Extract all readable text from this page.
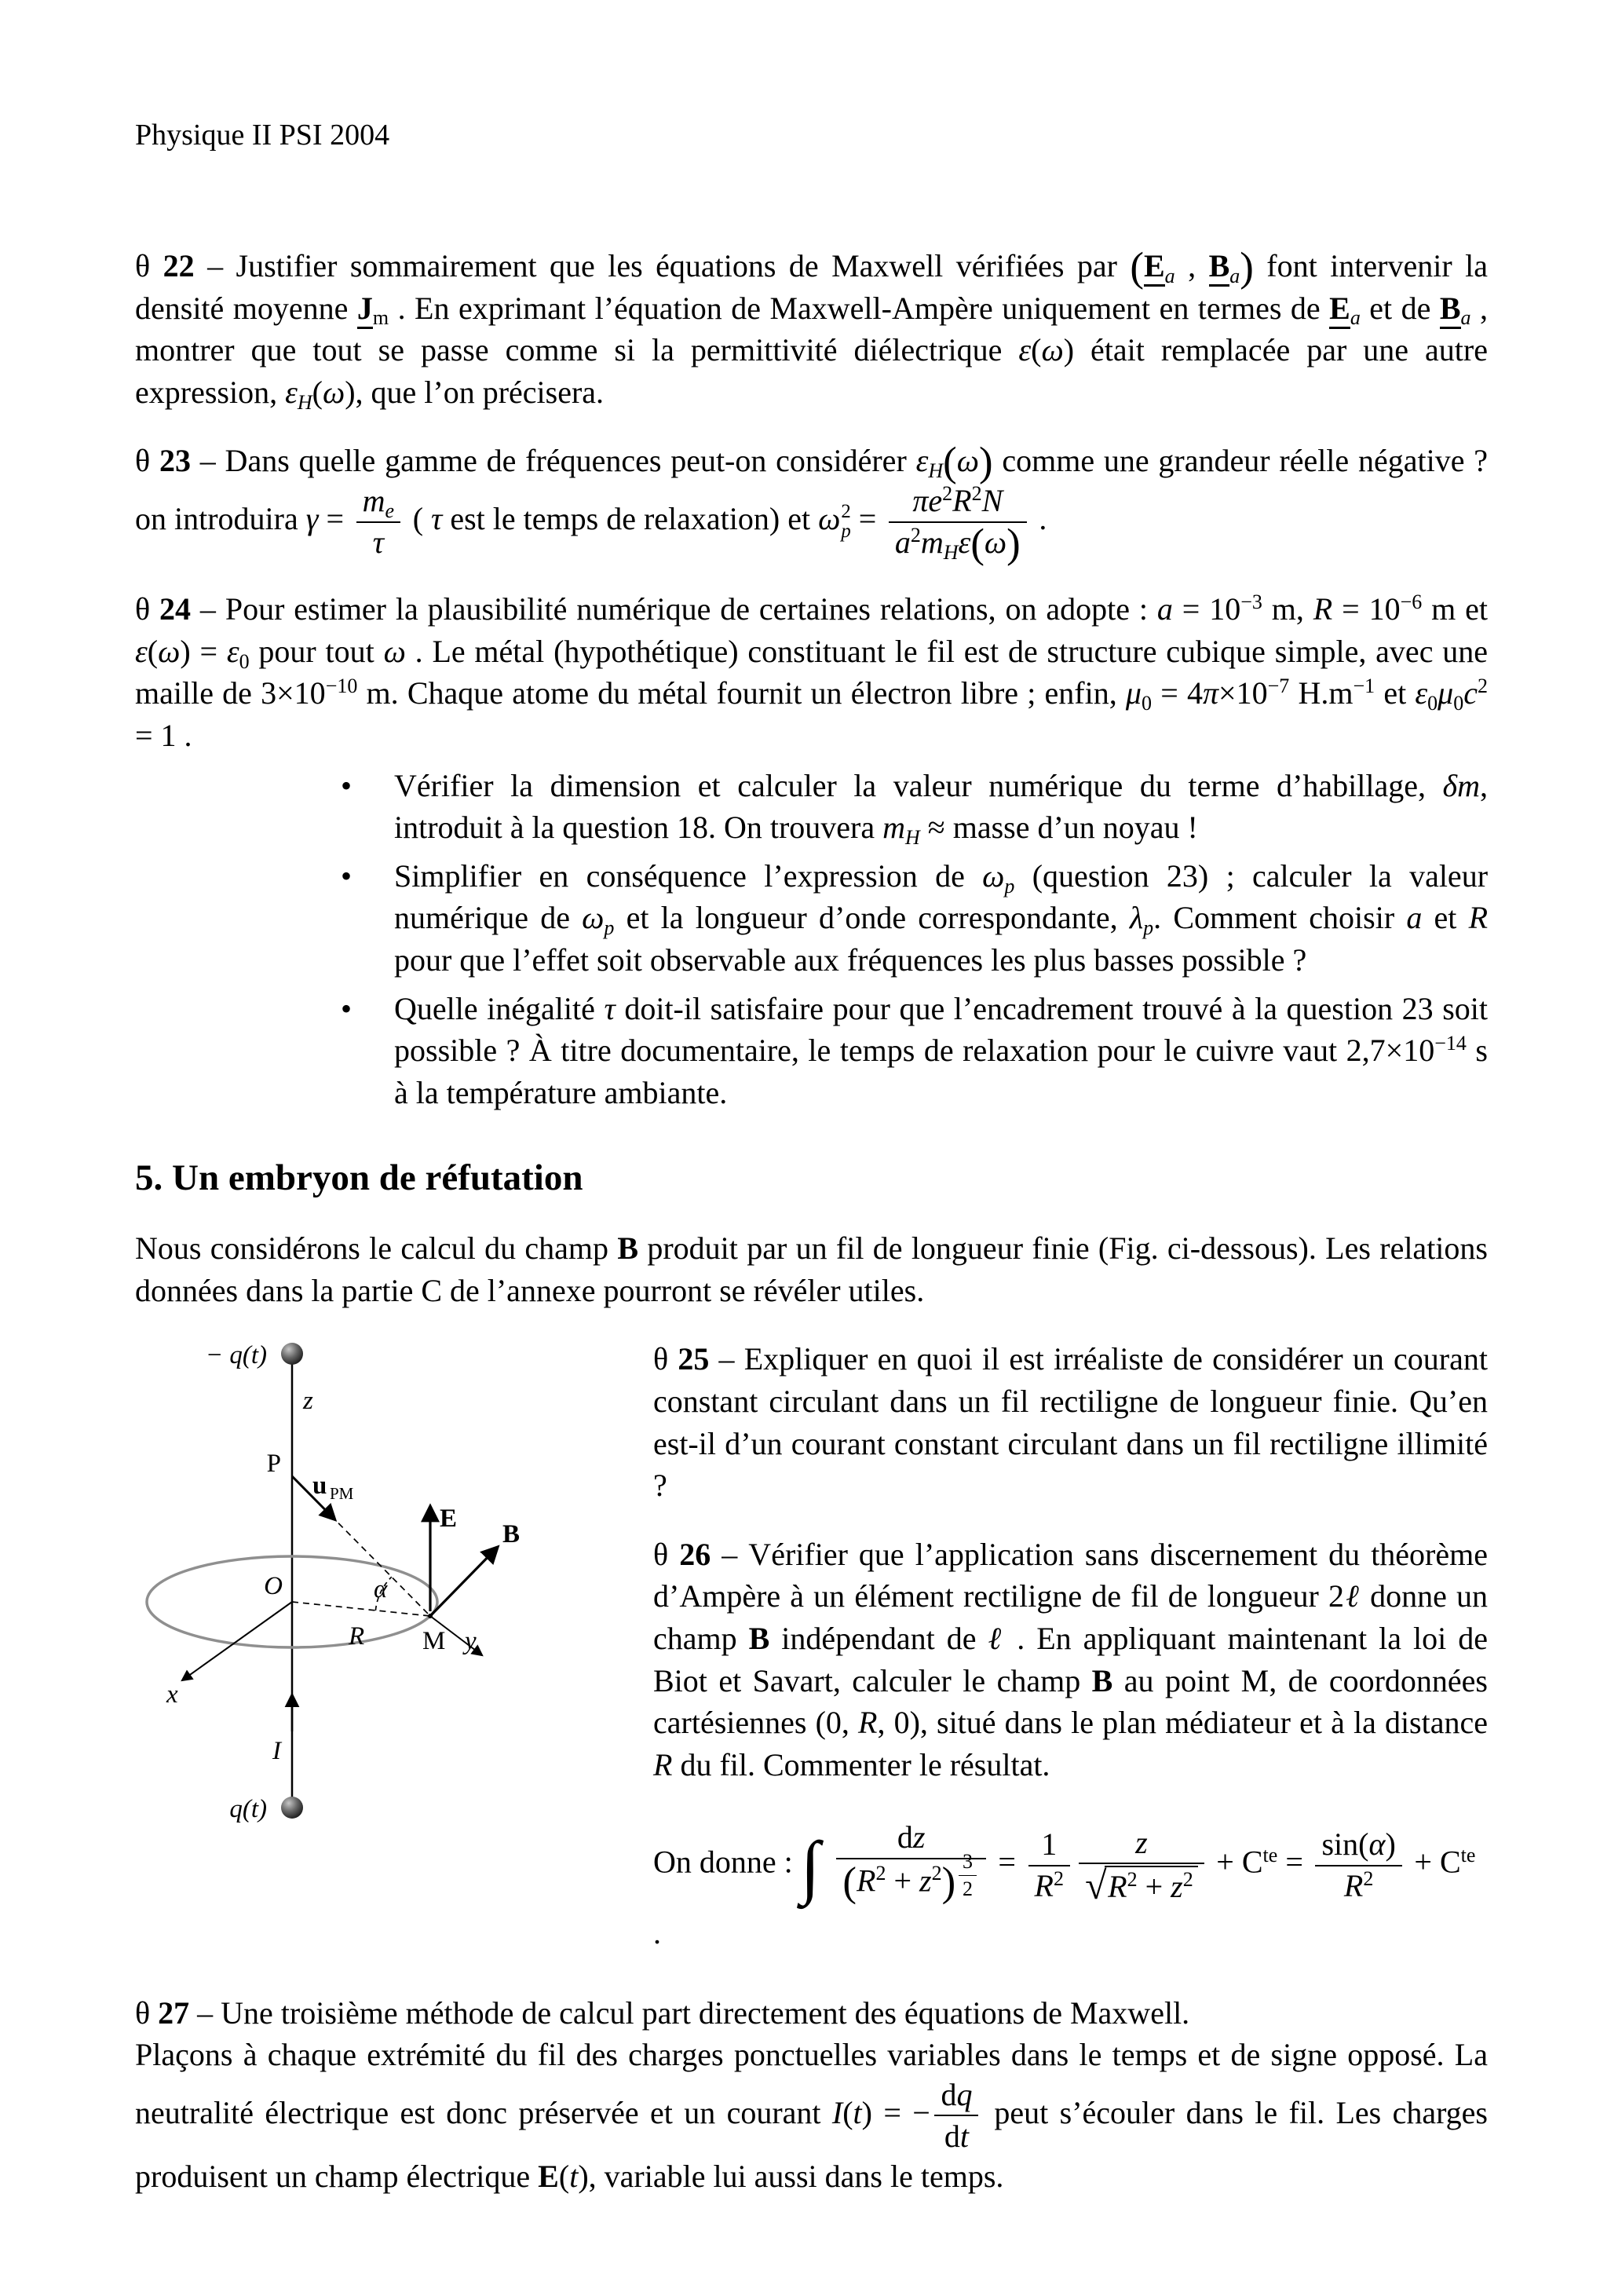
Physique II PSI 2004

θ 22 – Justifier sommairement que les équations de Maxwell vérifiées par (Ea , Ba) font intervenir la densité moyenne Jm . En exprimant l’équation de Maxwell-Ampère uniquement en termes de Ea et de Ba , montrer que tout se passe comme si la permittivité diélectrique ε(ω) était remplacée par une autre expression, εH(ω), que l’on précisera.

θ 23 – Dans quelle gamme de fréquences peut-on considérer εH(ω) comme une grandeur réelle négative ? on introduira $\gamma = \frac{me}{\tau}$ ( τ est le temps de relaxation) et ω 2
$p = \frac{\pi e^2R^2N}{a^2mH\varepsilon(\omega)}$ .

θ 24 – Pour estimer la plausibilité numérique de certaines relations, on adopte : $a = 10^{-3}$ m, $R = 10^{-6}$ m et ε(ω) = ε0 pour tout ω . Le métal (hypothétique) constituant le fil est de structure cubique simple, avec une maille de $3\times 10^{-10}$ m. Chaque atome du métal fournit un électron libre ; enfin, $\mu 0 = 4\pi\times 10^{-7}$ $H.m^{-1}$ et $\varepsilon 0\mu 0c^2 = 1$ .

• Vérifier la dimension et calculer la valeur numérique du terme d’habillage, δm, introduit à la question 18. On trouvera mH ≈ masse d’un noyau !
• Simplifier en conséquence l’expression de ωp (question 23) ; calculer la valeur numérique de ωp et la longueur d’onde correspondante, λp. Comment choisir a et R pour que l’effet soit observable aux fréquences les plus basses possible ?
• Quelle inégalité τ doit-il satisfaire pour que l’encadrement trouvé à la question 23 soit possible ? À titre documentaire, le temps de relaxation pour le cuivre vaut $2,7\times 10^{-14}$ s à la température ambiante.
5. Un embryon de réfutation

Nous considérons le calcul du champ B produit par un fil de longueur finie (Fig. ci-dessous). Les relations données dans la partie C de l’annexe pourront se révéler utiles.

− q(t)
z
P
u PM
E
B
O	α
R
x
y
M
I
q(t)

θ 25 – Expliquer en quoi il est irréaliste de considérer un courant constant circulant dans un fil rectiligne de longueur finie. Qu’en est-il d’un courant constant circulant dans un fil rectiligne illimité ?

θ 26 – Vérifier que l’application sans discernement du théorème d’Ampère à un élément rectiligne de fil de longueur 2ℓ donne un champ B indépendant de ℓ . En appliquant maintenant la loi de Biot et Savart, calculer le champ B au point M, de coordonnées cartésiennes (0, R, 0), situé dans le plan médiateur et à la distance R du fil. Commenter le résultat.

On donne : ∫ dz
$(R^2 + z^2) ^{\frac{3}{2}} = \frac{1}{R^2} \frac{z}{√ R^2 + z^2} + C^{te} = \frac{\sin(\alpha)}{R^2} + C^{te}$ .

θ 27 – Une troisième méthode de calcul part directement des équations de Maxwell.

Plaçons à chaque extrémité du fil des charges ponctuelles variables dans le temps et de signe opposé. La neutralité électrique est donc préservée et un courant I(t) = − $\frac{dq}{dt}$ peut s’écouler dans le fil. Les charges produisent un champ électrique E(t), variable lui aussi dans le temps.
